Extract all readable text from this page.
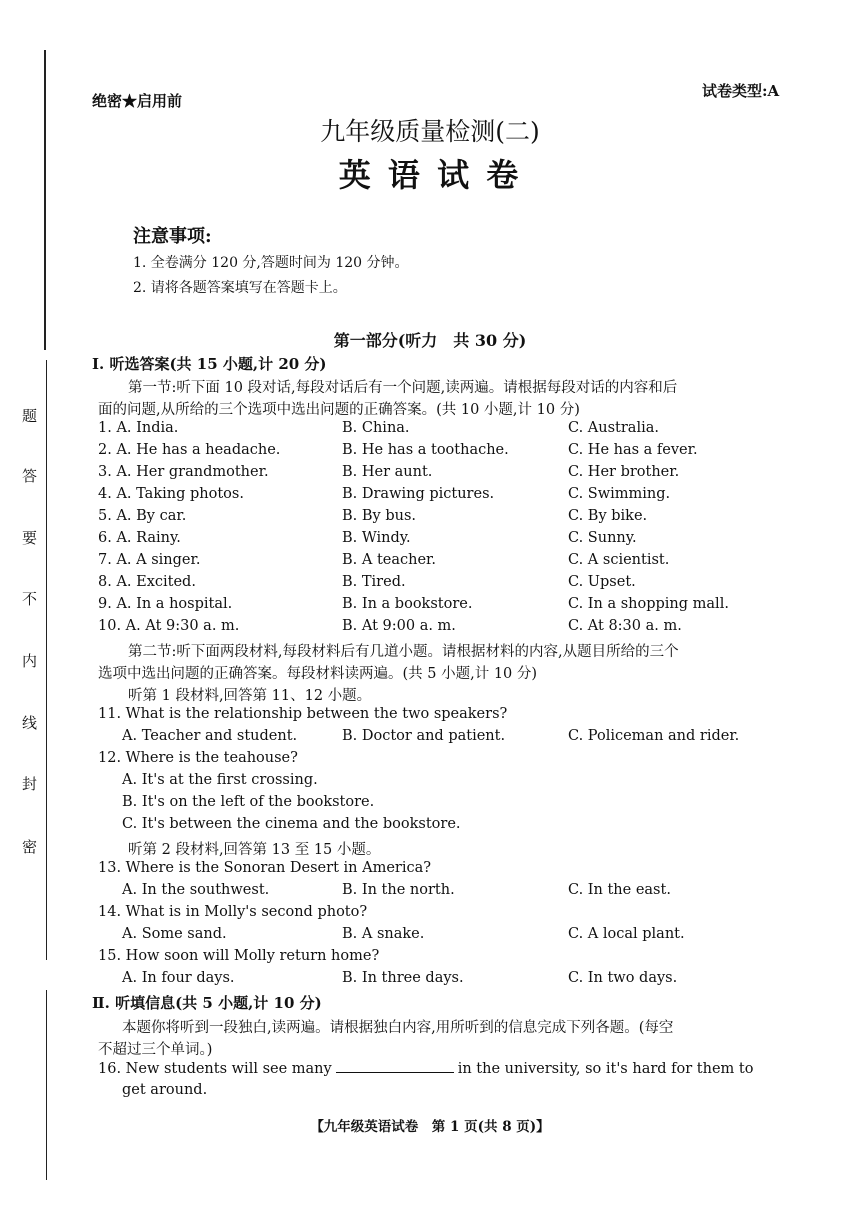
题
答
要
不
内
线
封
密
绝密★启用前
试卷类型:A
九年级质量检测(二)
英 语 试 卷
注意事项:
1. 全卷满分 120 分,答题时间为 120 分钟。
2. 请将各题答案填写在答题卡上。
第一部分(听力　共 30 分)
Ⅰ. 听选答案(共 15 小题,计 20 分)
第一节:听下面 10 段对话,每段对话后有一个问题,读两遍。请根据每段对话的内容和后
面的问题,从所给的三个选项中选出问题的正确答案。(共 10 小题,计 10 分)
1. A. India.	B. China.	C. Australia.
2. A. He has a headache.	B. He has a toothache.	C. He has a fever.
3. A. Her grandmother.	B. Her aunt.	C. Her brother.
4. A. Taking photos.	B. Drawing pictures.	C. Swimming.
5. A. By car.	B. By bus.	C. By bike.
6. A. Rainy.	B. Windy.	C. Sunny.
7. A. A singer.	B. A teacher.	C. A scientist.
8. A. Excited.	B. Tired.	C. Upset.
9. A. In a hospital.	B. In a bookstore.	C. In a shopping mall.
10. A. At 9:30 a. m.	B. At 9:00 a. m.	C. At 8:30 a. m.
第二节:听下面两段材料,每段材料后有几道小题。请根据材料的内容,从题目所给的三个
选项中选出问题的正确答案。每段材料读两遍。(共 5 小题,计 10 分)
听第 1 段材料,回答第 11、12 小题。
11. What is the relationship between the two speakers?
A. Teacher and student.	B. Doctor and patient.	C. Policeman and rider.
12. Where is the teahouse?
A. It's at the first crossing.
B. It's on the left of the bookstore.
C. It's between the cinema and the bookstore.
听第 2 段材料,回答第 13 至 15 小题。
13. Where is the Sonoran Desert in America?
A. In the southwest.	B. In the north.	C. In the east.
14. What is in Molly's second photo?
A. Some sand.	B. A snake.	C. A local plant.
15. How soon will Molly return home?
A. In four days.	B. In three days.	C. In two days.
Ⅱ. 听填信息(共 5 小题,计 10 分)
本题你将听到一段独白,读两遍。请根据独白内容,用所听到的信息完成下列各题。(每空
不超过三个单词。)
16. New students will see many	in the university, so it's hard for them to
get around.
【九年级英语试卷　第 1 页(共 8 页)】
